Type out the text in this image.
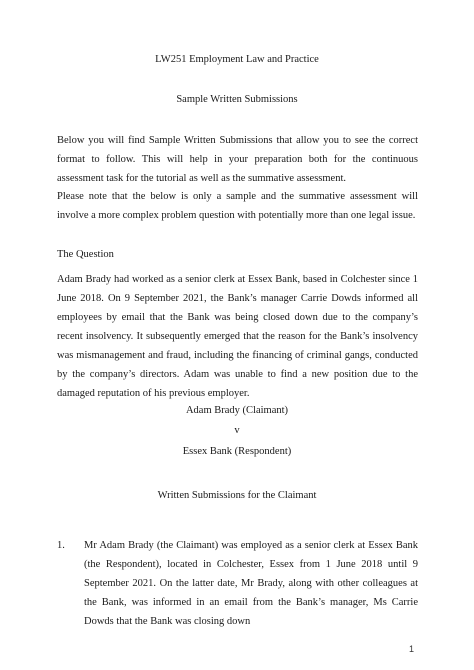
LW251 Employment Law and Practice
Sample Written Submissions

Below you will find Sample Written Submissions that allow you to see the correct format to follow. This will help in your preparation both for the continuous assessment task for the tutorial as well as the summative assessment.

Please note that the below is only a sample and the summative assessment will involve a more complex problem question with potentially more than one legal issue.

The Question

Adam Brady had worked as a senior clerk at Essex Bank, based in Colchester since 1 June 2018. On 9 September 2021, the Bank’s manager Carrie Dowds informed all employees by email that the Bank was being closed down due to the company’s recent insolvency. It subsequently emerged that the reason for the Bank’s insolvency was mismanagement and fraud, including the financing of criminal gangs, conducted by the company’s directors. Adam was unable to find a new position due to the damaged reputation of his previous employer.

Adam Brady (Claimant)
v
Essex Bank (Respondent)
Written Submissions for the Claimant
1. Mr Adam Brady (the Claimant) was employed as a senior clerk at Essex Bank (the Respondent), located in Colchester, Essex from 1 June 2018 until 9 September 2021. On the latter date, Mr Brady, along with other colleagues at the Bank, was informed in an email from the Bank’s manager, Ms Carrie Dowds that the Bank was closing down
1
